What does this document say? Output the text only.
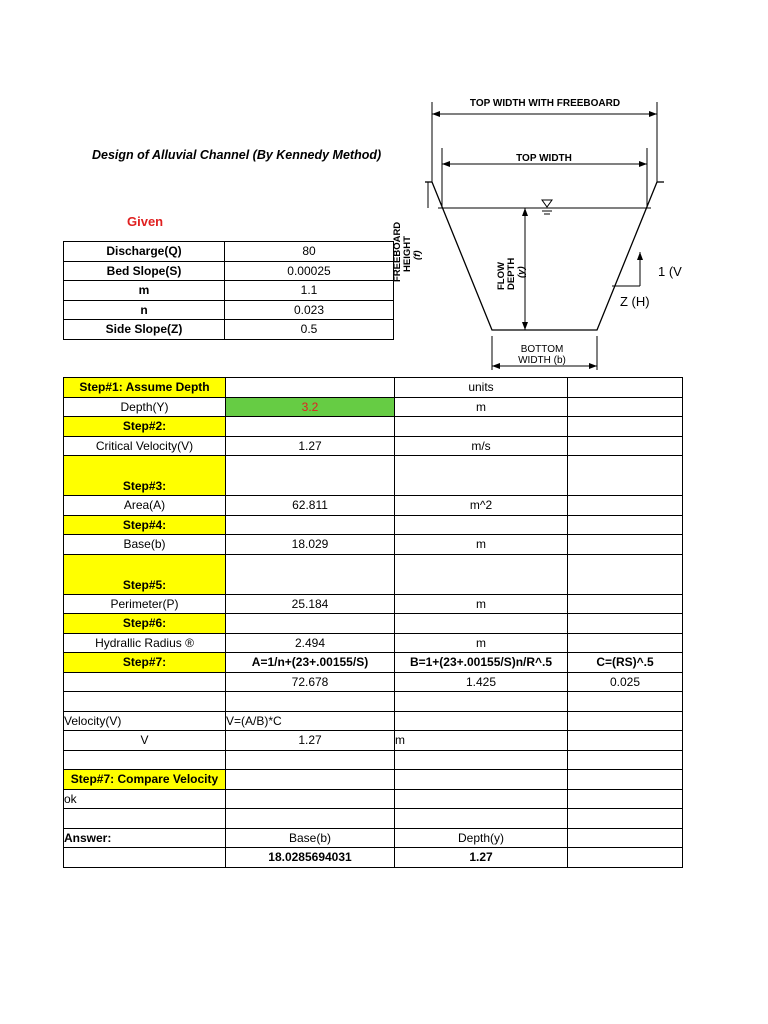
Design of Alluvial Channel (By Kennedy Method)
TOP WIDTH WITH FREEBOARD
TOP WIDTH
FREEBOARD HEIGHT (f)
FLOW DEPTH (y)
BOTTOM
WIDTH (b)
1 (V
Z (H)
Given
Discharge(Q)	80
Bed Slope(S)	0.00025
m	1.1
n	0.023
Side Slope(Z)	0.5
Step#1: Assume Depth		units	
Depth(Y)	3.2	m	
Step#2:			
Critical Velocity(V)	1.27	m/s	
Step#3:			
Area(A)	62.811	m^2	
Step#4:			
Base(b)	18.029	m	
Step#5:			
Perimeter(P)	25.184	m	
Step#6:			
Hydrallic Radius ®	2.494	m	
Step#7:	A=1/n+(23+.00155/S)	B=1+(23+.00155/S)n/R^.5	C=(RS)^.5
	72.678	1.425	0.025

Velocity(V)	V=(A/B)*C		
V	1.27	m	

Step#7: Compare Velocity			
ok			

Answer:	Base(b)	Depth(y)	
	18.0285694031	1.27	
